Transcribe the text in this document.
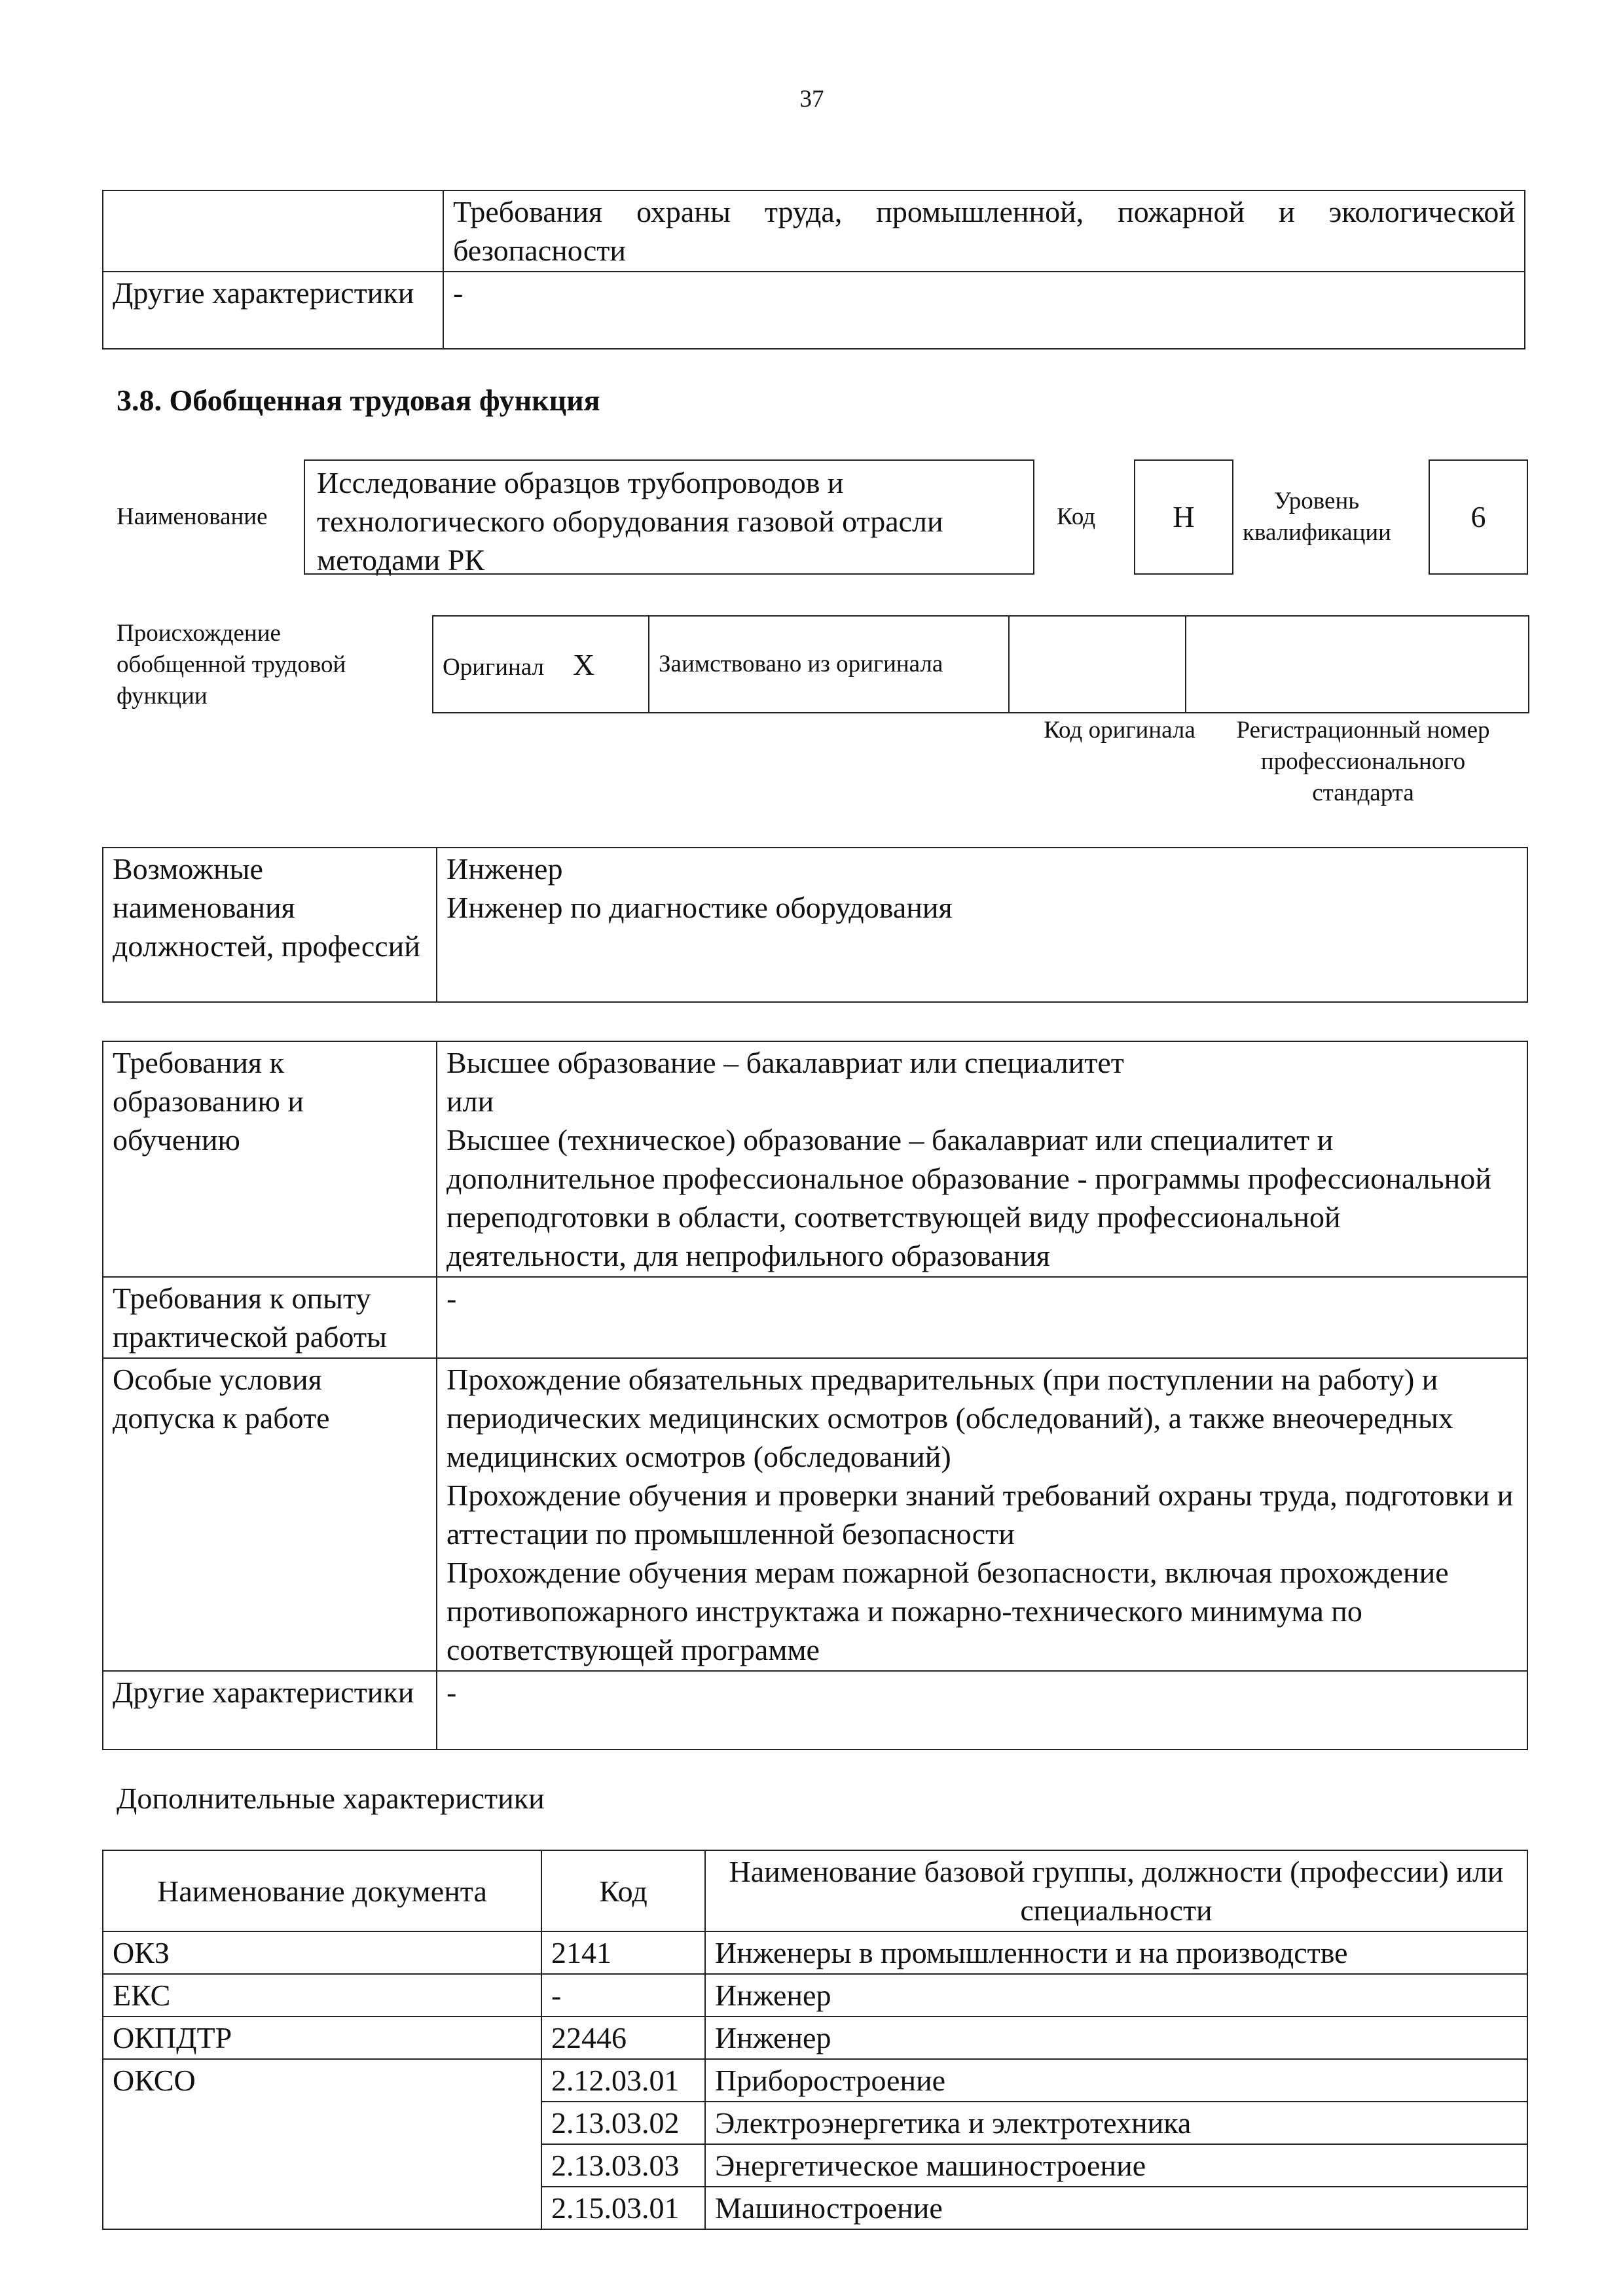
37
	Требования охраны труда, промышленной, пожарной и экологической безопасности
Другие характеристики	-
3.8. Обобщенная трудовая функция
Наименование
Исследование образцов трубопроводов и технологического оборудования газовой отрасли методами РК
Код	H	Уровень квалификации	6
Происхождение обобщенной трудовой функции
Оригинал X	Заимствовано из оригинала		
Код оригинала	Регистрационный номер профессионального стандарта
Возможные наименования должностей, профессий	Инженер
Инженер по диагностике оборудования
Требования к образованию и обучению	Высшее образование – бакалавриат или специалитет
или
Высшее (техническое) образование – бакалавриат или специалитет и дополнительное профессиональное образование - программы профессиональной переподготовки в области, соответствующей виду профессиональной деятельности, для непрофильного образования
Требования к опыту практической работы	-
Особые условия допуска к работе	Прохождение обязательных предварительных (при поступлении на работу) и периодических медицинских осмотров (обследований), а также внеочередных медицинских осмотров (обследований)
Прохождение обучения и проверки знаний требований охраны труда, подготовки и аттестации по промышленной безопасности
Прохождение обучения мерам пожарной безопасности, включая прохождение противопожарного инструктажа и пожарно-технического минимума по соответствующей программе
Другие характеристики	-
Дополнительные характеристики
Наименование документа	Код	Наименование базовой группы, должности (профессии) или специальности
ОКЗ	2141	Инженеры в промышленности и на производстве
ЕКС	-	Инженер
ОКПДТР	22446	Инженер
ОКСО	2.12.03.01	Приборостроение
	2.13.03.02	Электроэнергетика и электротехника
	2.13.03.03	Энергетическое машиностроение
	2.15.03.01	Машиностроение
